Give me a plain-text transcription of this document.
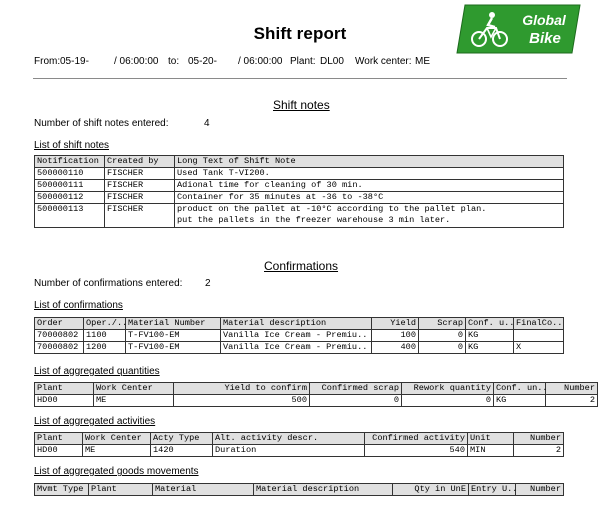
Shift report
Global
Bike
From: 05-19-	/ 06:00:00 to: 05-20- / 06:00:00 Plant: DL00 Work center: ME
Shift notes
Number of shift notes entered:	4
List of shift notes
Notification	Created by	Long Text of Shift Note
500000110	FISCHER	Used Tank T-VI200.
500000111	FISCHER	Adional time for cleaning of 30 min.
500000112	FISCHER	Container for 35 minutes at -36 to -38°C
500000113	FISCHER	product on the pallet at -10°C according to the pallet plan.
put the pallets in the freezer warehouse 3 min later.
Confirmations
Number of confirmations entered: 2
List of confirmations
Order	Oper./..	Material Number	Material description	Yield	Scrap	Conf. u..	FinalCo..
70000802	1100	T-FV100-EM	Vanilla Ice Cream - Premiu..	100	0	KG	
70000802	1200	T-FV100-EM	Vanilla Ice Cream - Premiu..	400	0	KG	X
List of aggregated quantities
Plant	Work Center	Yield to confirm	Confirmed scrap	Rework quantity	Conf. un..	Number
HD00	ME	500	0	0	KG	2
List of aggregated activities
Plant	Work Center	Acty Type	Alt. activity descr.	Confirmed activity	Unit	Number
HD00	ME	1420	Duration	540	MIN	2
List of aggregated goods movements
Mvmt Type	Plant	Material	Material description	Qty in UnE	Entry U..	Number
